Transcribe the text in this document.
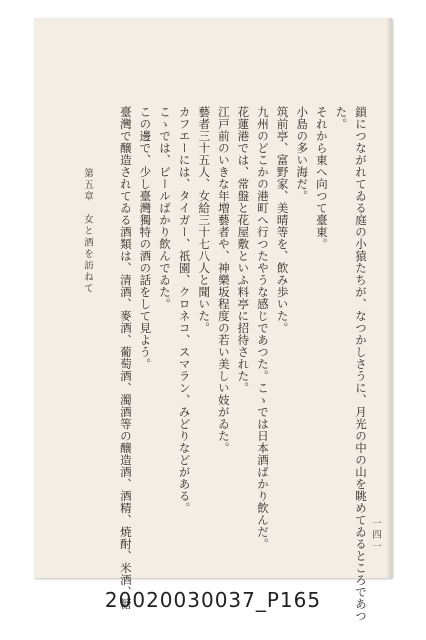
鎖につながれてゐる庭の小猿たちが、なつかしさうに、月光の中の山を眺めてゐるところであつ
た。
それから東へ向つて臺東。
小島の多い海だ。
筑前亭、富野家、美晴等を、飲み歩いた。
九州のどこかの港町へ行つたやうな感じであつた。こゝでは日本酒ばかり飲んだ。
花蓮港では、常盤と花屋敷といふ料亭に招待された。
江戸前のいきな年増藝者や、神樂坂程度の若い美しい妓がゐた。
藝者三十五人、女給三十七八人と聞いた。
カフエーには、タイガー、祇園、クロネコ、スマラン、みどりなどがある。
こゝでは、ビールばかり飲んでゐた。
この邊で、少し臺灣獨特の酒の話をして見よう。
臺灣で醸造されてゐる酒類は、清酒、麥酒、葡萄酒、濁酒等の醸造酒、酒精、焼酎、米酒、糖
第五章　女と酒を訪ねて
一四一
20020030037_P165
